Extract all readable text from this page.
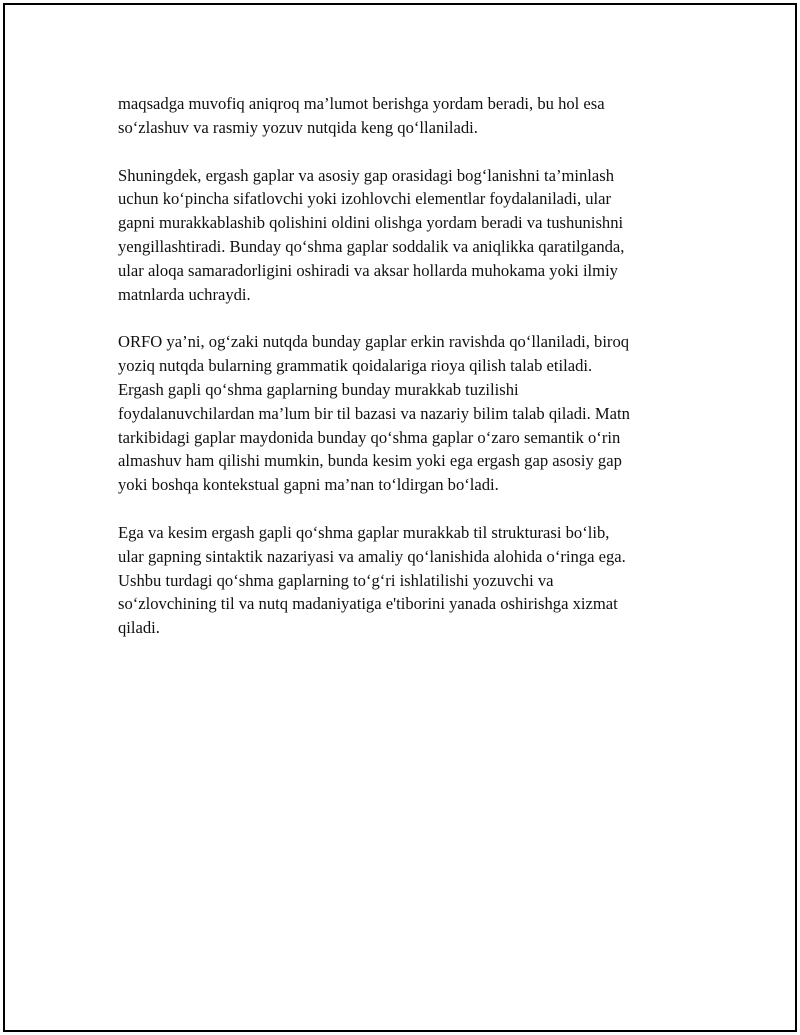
maqsadga muvofiq aniqroq ma’lumot berishga yordam beradi, bu hol esa
so‘zlashuv va rasmiy yozuv nutqida keng qo‘llaniladi.

Shuningdek, ergash gaplar va asosiy gap orasidagi bog‘lanishni ta’minlash
uchun ko‘pincha sifatlovchi yoki izohlovchi elementlar foydalaniladi, ular
gapni murakkablashib qolishini oldini olishga yordam beradi va tushunishni
yengillashtiradi. Bunday qo‘shma gaplar soddalik va aniqlikka qaratilganda,
ular aloqa samaradorligini oshiradi va aksar hollarda muhokama yoki ilmiy
matnlarda uchraydi.

ORFO ya’ni, og‘zaki nutqda bunday gaplar erkin ravishda qo‘llaniladi, biroq
yoziq nutqda bularning grammatik qoidalariga rioya qilish talab etiladi.
Ergash gapli qo‘shma gaplarning bunday murakkab tuzilishi
foydalanuvchilardan ma’lum bir til bazasi va nazariy bilim talab qiladi. Matn
tarkibidagi gaplar maydonida bunday qo‘shma gaplar o‘zaro semantik o‘rin
almashuv ham qilishi mumkin, bunda kesim yoki ega ergash gap asosiy gap
yoki boshqa kontekstual gapni ma’nan to‘ldirgan bo‘ladi.

Ega va kesim ergash gapli qo‘shma gaplar murakkab til strukturasi bo‘lib,
ular gapning sintaktik nazariyasi va amaliy qo‘lanishida alohida o‘ringa ega.
Ushbu turdagi qo‘shma gaplarning to‘g‘ri ishlatilishi yozuvchi va
so‘zlovchining til va nutq madaniyatiga e'tiborini yanada oshirishga xizmat
qiladi.
